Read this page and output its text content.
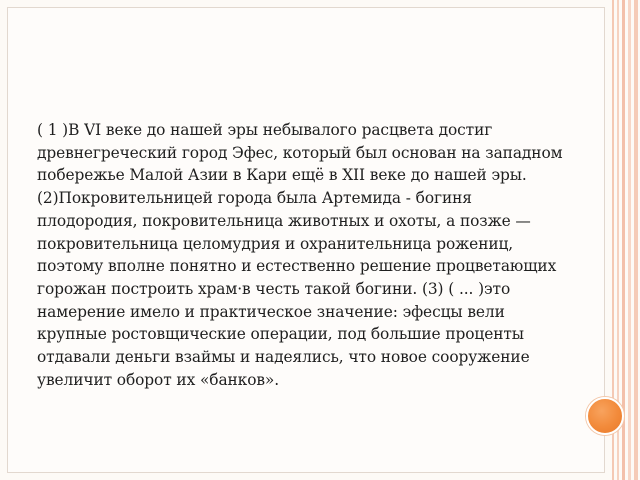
( 1 )В VI веке до нашей эры небывалого расцвета достиг древнегреческий город Эфес, который был основан на западном побережье Малой Азии в Кари ещё в XII веке до нашей эры. (2)Покровительницей города была Артемида - богиня плодородия, покровительница животных и охоты, а позже — покровительница целомудрия и охранительница рожениц, поэтому вполне понятно и естественно решение процветающих горожан построить храм·в честь такой богини. (3) ( ... )это намерение имело и практическое значение: эфесцы вели крупные ростовщические операции, под большие проценты отдавали деньги взаймы и надеялись, что новое сооружение увеличит оборот их «банков».
